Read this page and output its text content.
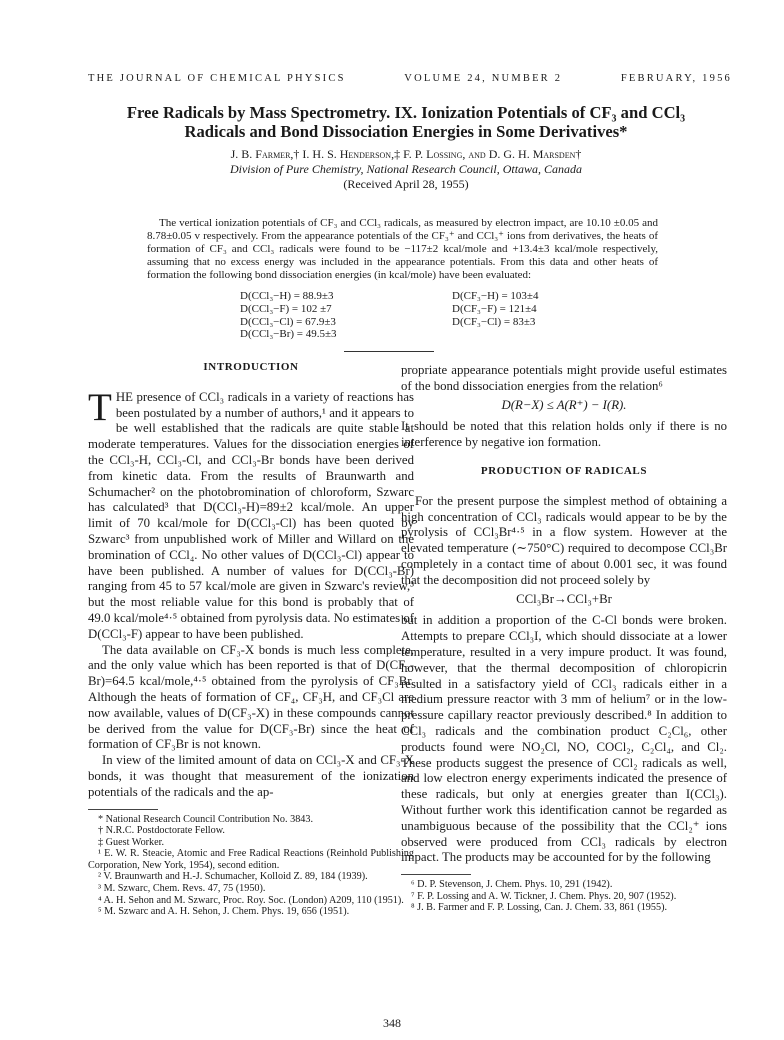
THE JOURNAL OF CHEMICAL PHYSICS	VOLUME 24, NUMBER 2	FEBRUARY, 1956
Free Radicals by Mass Spectrometry. IX. Ionization Potentials of CF₃ and CCl₃
Radicals and Bond Dissociation Energies in Some Derivatives*
J. B. Farmer,† I. H. S. Henderson,‡ F. P. Lossing, and D. G. H. Marsden†
Division of Pure Chemistry, National Research Council, Ottawa, Canada
(Received April 28, 1955)
The vertical ionization potentials of CF₃ and CCl₃ radicals, as measured by electron impact, are 10.10 ±0.05 and 8.78±0.05 v respectively. From the appearance potentials of the CF₃⁺ and CCl₃⁺ ions from derivatives, the heats of formation of CF₃ and CCl₃ radicals were found to be −117±2 kcal/mole and +13.4±3 kcal/mole respectively, assuming that no excess energy was included in the appearance potentials. From this data and other heats of formation the following bond dissociation energies (in kcal/mole) have been evaluated:
D(CCl₃−H) = 88.9±3
D(CCl₃−F) = 102 ±7
D(CCl₃−Cl) = 67.9±3
D(CCl₃−Br) = 49.5±3
D(CF₃−H) = 103±4
D(CF₃−F) = 121±4
D(CF₃−Cl) = 83±3
INTRODUCTION

THE presence of CCl₃ radicals in a variety of reactions has been postulated by a number of authors,¹ and it appears to be well established that the radicals are quite stable at moderate temperatures. Values for the dissociation energies of the CCl₃-H, CCl₃-Cl, and CCl₃-Br bonds have been derived from kinetic data. From the results of Braunwarth and Schumacher² on the photobromination of chloroform, Szwarc has calculated³ that D(CCl₃-H)=89±2 kcal/mole. An upper limit of 70 kcal/mole for D(CCl₃-Cl) has been quoted by Szwarc³ from unpublished work of Miller and Willard on the bromination of CCl₄. No other values of D(CCl₃-Cl) appear to have been published. A number of values for D(CCl₃-Br) ranging from 45 to 57 kcal/mole are given in Szwarc's review,³ but the most reliable value for this bond is probably that of 49.0 kcal/mole⁴·⁵ obtained from pyrolysis data. No estimates of D(CCl₃-F) appear to have been published.

The data available on CF₃-X bonds is much less complete, and the only value which has been reported is that of D(CF₃-Br)=64.5 kcal/mole,⁴·⁵ obtained from the pyrolysis of CF₃Br. Although the heats of formation of CF₄, CF₃H, and CF₃Cl are now available, values of D(CF₃-X) in these compounds cannot be derived from the value for D(CF₃-Br) since the heat of formation of CF₃Br is not known.

In view of the limited amount of data on CCl₃-X and CF₃-X bonds, it was thought that measurement of the ionization potentials of the radicals and the ap-

* National Research Council Contribution No. 3843.
† N.R.C. Postdoctorate Fellow.
‡ Guest Worker.
¹ E. W. R. Steacie, Atomic and Free Radical Reactions (Reinhold Publishing Corporation, New York, 1954), second edition.
² V. Braunwarth and H.-J. Schumacher, Kolloid Z. 89, 184 (1939).
³ M. Szwarc, Chem. Revs. 47, 75 (1950).
⁴ A. H. Sehon and M. Szwarc, Proc. Roy. Soc. (London) A209, 110 (1951).
⁵ M. Szwarc and A. H. Sehon, J. Chem. Phys. 19, 656 (1951).

propriate appearance potentials might provide useful estimates of the bond dissociation energies from the relation⁶

D(R−X) ≤ A(R⁺) − I(R).

It should be noted that this relation holds only if there is no interference by negative ion formation.

PRODUCTION OF RADICALS

For the present purpose the simplest method of obtaining a high concentration of CCl₃ radicals would appear to be by the pyrolysis of CCl₃Br⁴·⁵ in a flow system. However at the elevated temperature (∼750°C) required to decompose CCl₃Br completely in a contact time of about 0.001 sec, it was found that the decomposition did not proceed solely by

CCl₃Br→CCl₃+Br

but in addition a proportion of the C-Cl bonds were broken. Attempts to prepare CCl₃I, which should dissociate at a lower temperature, resulted in a very impure product. It was found, however, that the thermal decomposition of chloropicrin resulted in a satisfactory yield of CCl₃ radicals either in a medium pressure reactor with 3 mm of helium⁷ or in the low-pressure capillary reactor previously described.⁸ In addition to CCl₃ radicals and the combination product C₂Cl₆, other products found were NO₂Cl, NO, COCl₂, C₂Cl₄, and Cl₂. These products suggest the presence of CCl₂ radicals as well, and low electron energy experiments indicated the presence of these radicals, but only at energies greater than I(CCl₃). Without further work this identification cannot be regarded as unambiguous because of the possibility that the CCl₂⁺ ions observed were produced from CCl₃ radicals by electron impact. The products may be accounted for by the following

⁶ D. P. Stevenson, J. Chem. Phys. 10, 291 (1942).
⁷ F. P. Lossing and A. W. Tickner, J. Chem. Phys. 20, 907 (1952).
⁸ J. B. Farmer and F. P. Lossing, Can. J. Chem. 33, 861 (1955).
348
